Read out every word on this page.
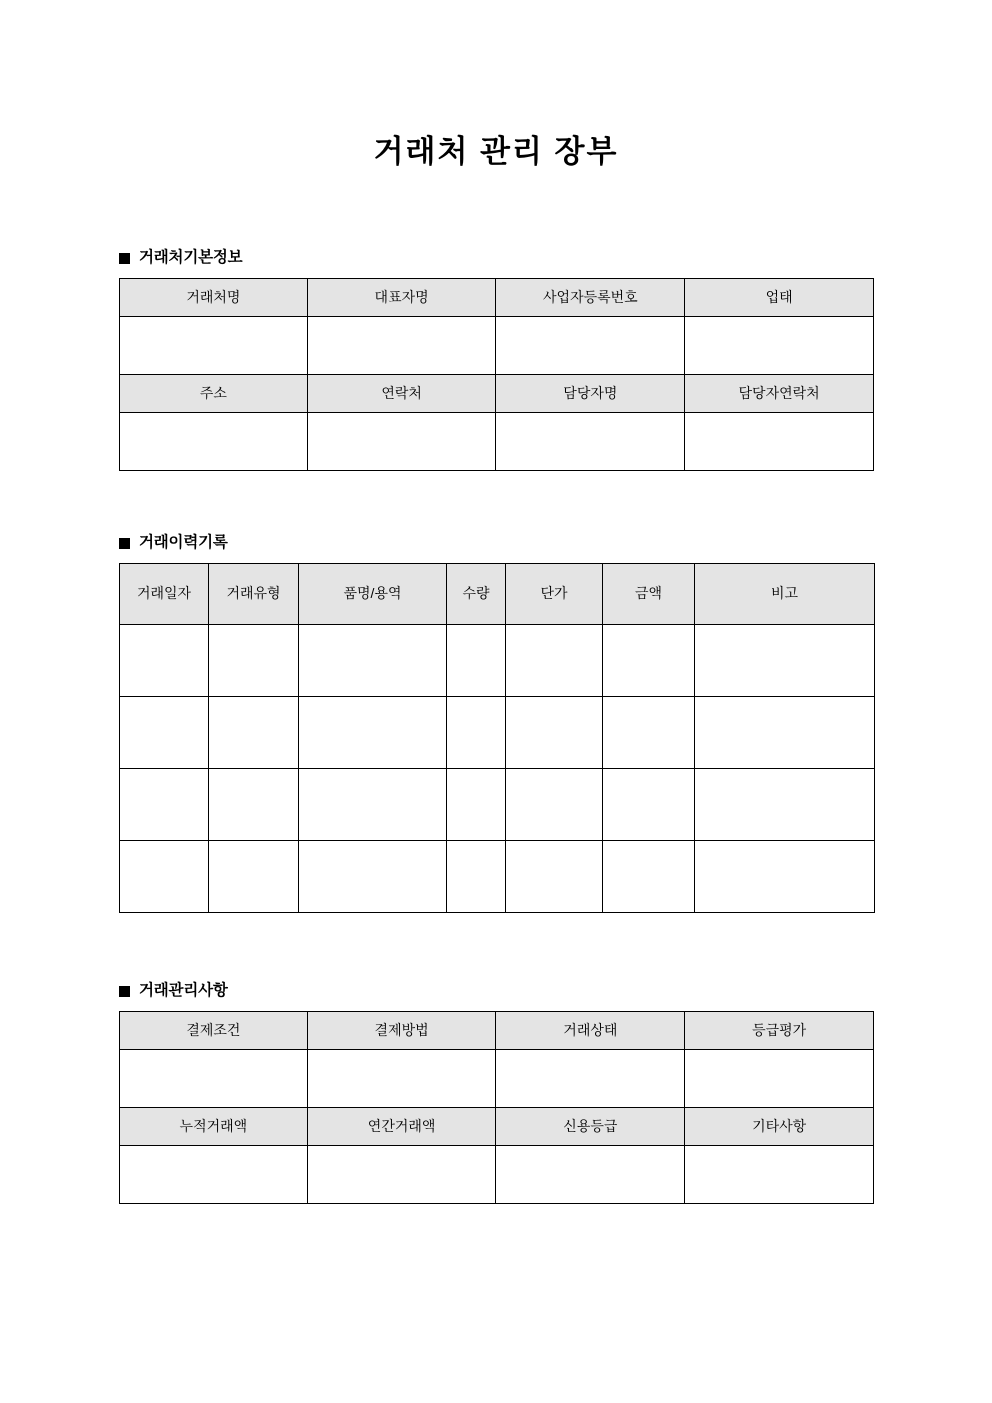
거래처 관리 장부
거래처기본정보
거래처명	대표자명	사업자등록번호	업태

주소	연락처	담당자명	담당자연락처

거래이력기록
거래일자	거래유형	품명/용역	수량	단가	금액	비고

거래관리사항
결제조건	결제방법	거래상태	등급평가

누적거래액	연간거래액	신용등급	기타사항
